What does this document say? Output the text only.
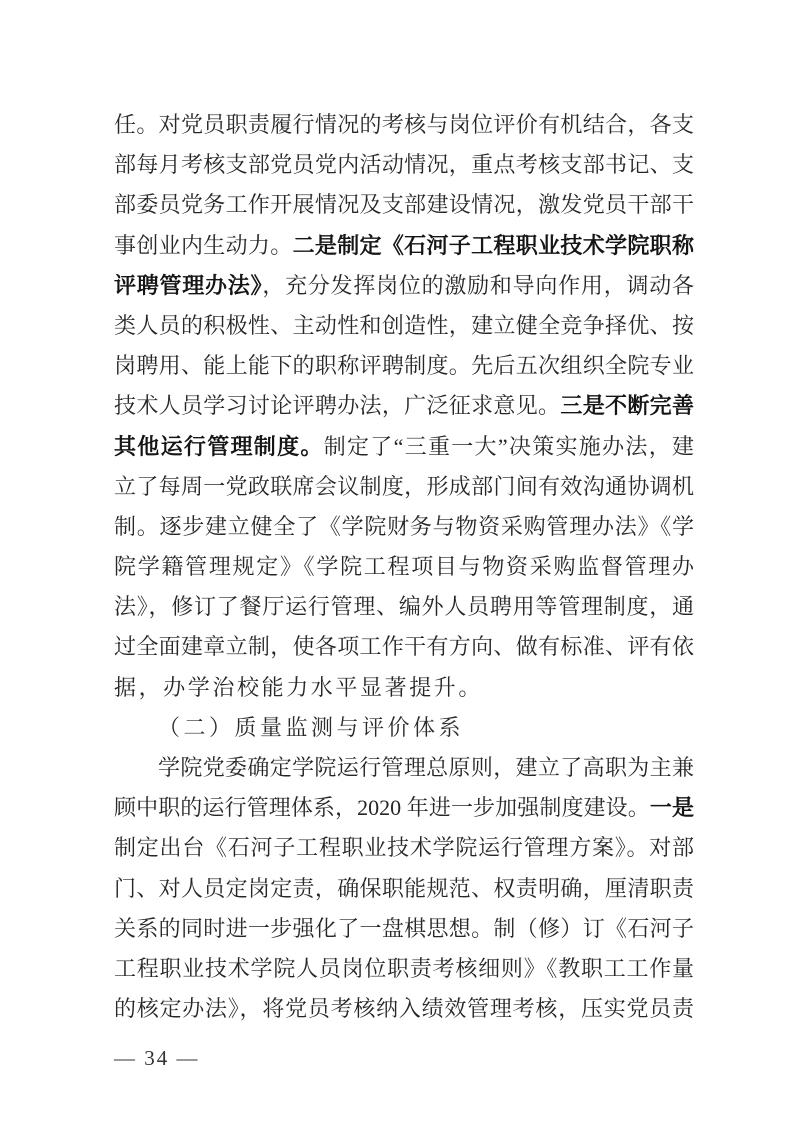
任。对党员职责履行情况的考核与岗位评价有机结合，各支
部每月考核支部党员党内活动情况，重点考核支部书记、支
部委员党务工作开展情况及支部建设情况，激发党员干部干
事创业内生动力。二是制定《石河子工程职业技术学院职称
评聘管理办法》，充分发挥岗位的激励和导向作用，调动各
类人员的积极性、主动性和创造性，建立健全竞争择优、按
岗聘用、能上能下的职称评聘制度。先后五次组织全院专业
技术人员学习讨论评聘办法，广泛征求意见。三是不断完善
其他运行管理制度。制定了“三重一大”决策实施办法，建
立了每周一党政联席会议制度，形成部门间有效沟通协调机
制。逐步建立健全了《学院财务与物资采购管理办法》《学
院学籍管理规定》《学院工程项目与物资采购监督管理办
法》，修订了餐厅运行管理、编外人员聘用等管理制度，通
过全面建章立制，使各项工作干有方向、做有标准、评有依
据，办学治校能力水平显著提升。
（二）质量监测与评价体系
学院党委确定学院运行管理总原则，建立了高职为主兼
顾中职的运行管理体系，2020 年进一步加强制度建设。一是
制定出台《石河子工程职业技术学院运行管理方案》。对部
门、对人员定岗定责，确保职能规范、权责明确，厘清职责
关系的同时进一步强化了一盘棋思想。制（修）订《石河子
工程职业技术学院人员岗位职责考核细则》《教职工工作量
的核定办法》，将党员考核纳入绩效管理考核，压实党员责
— 34 —
